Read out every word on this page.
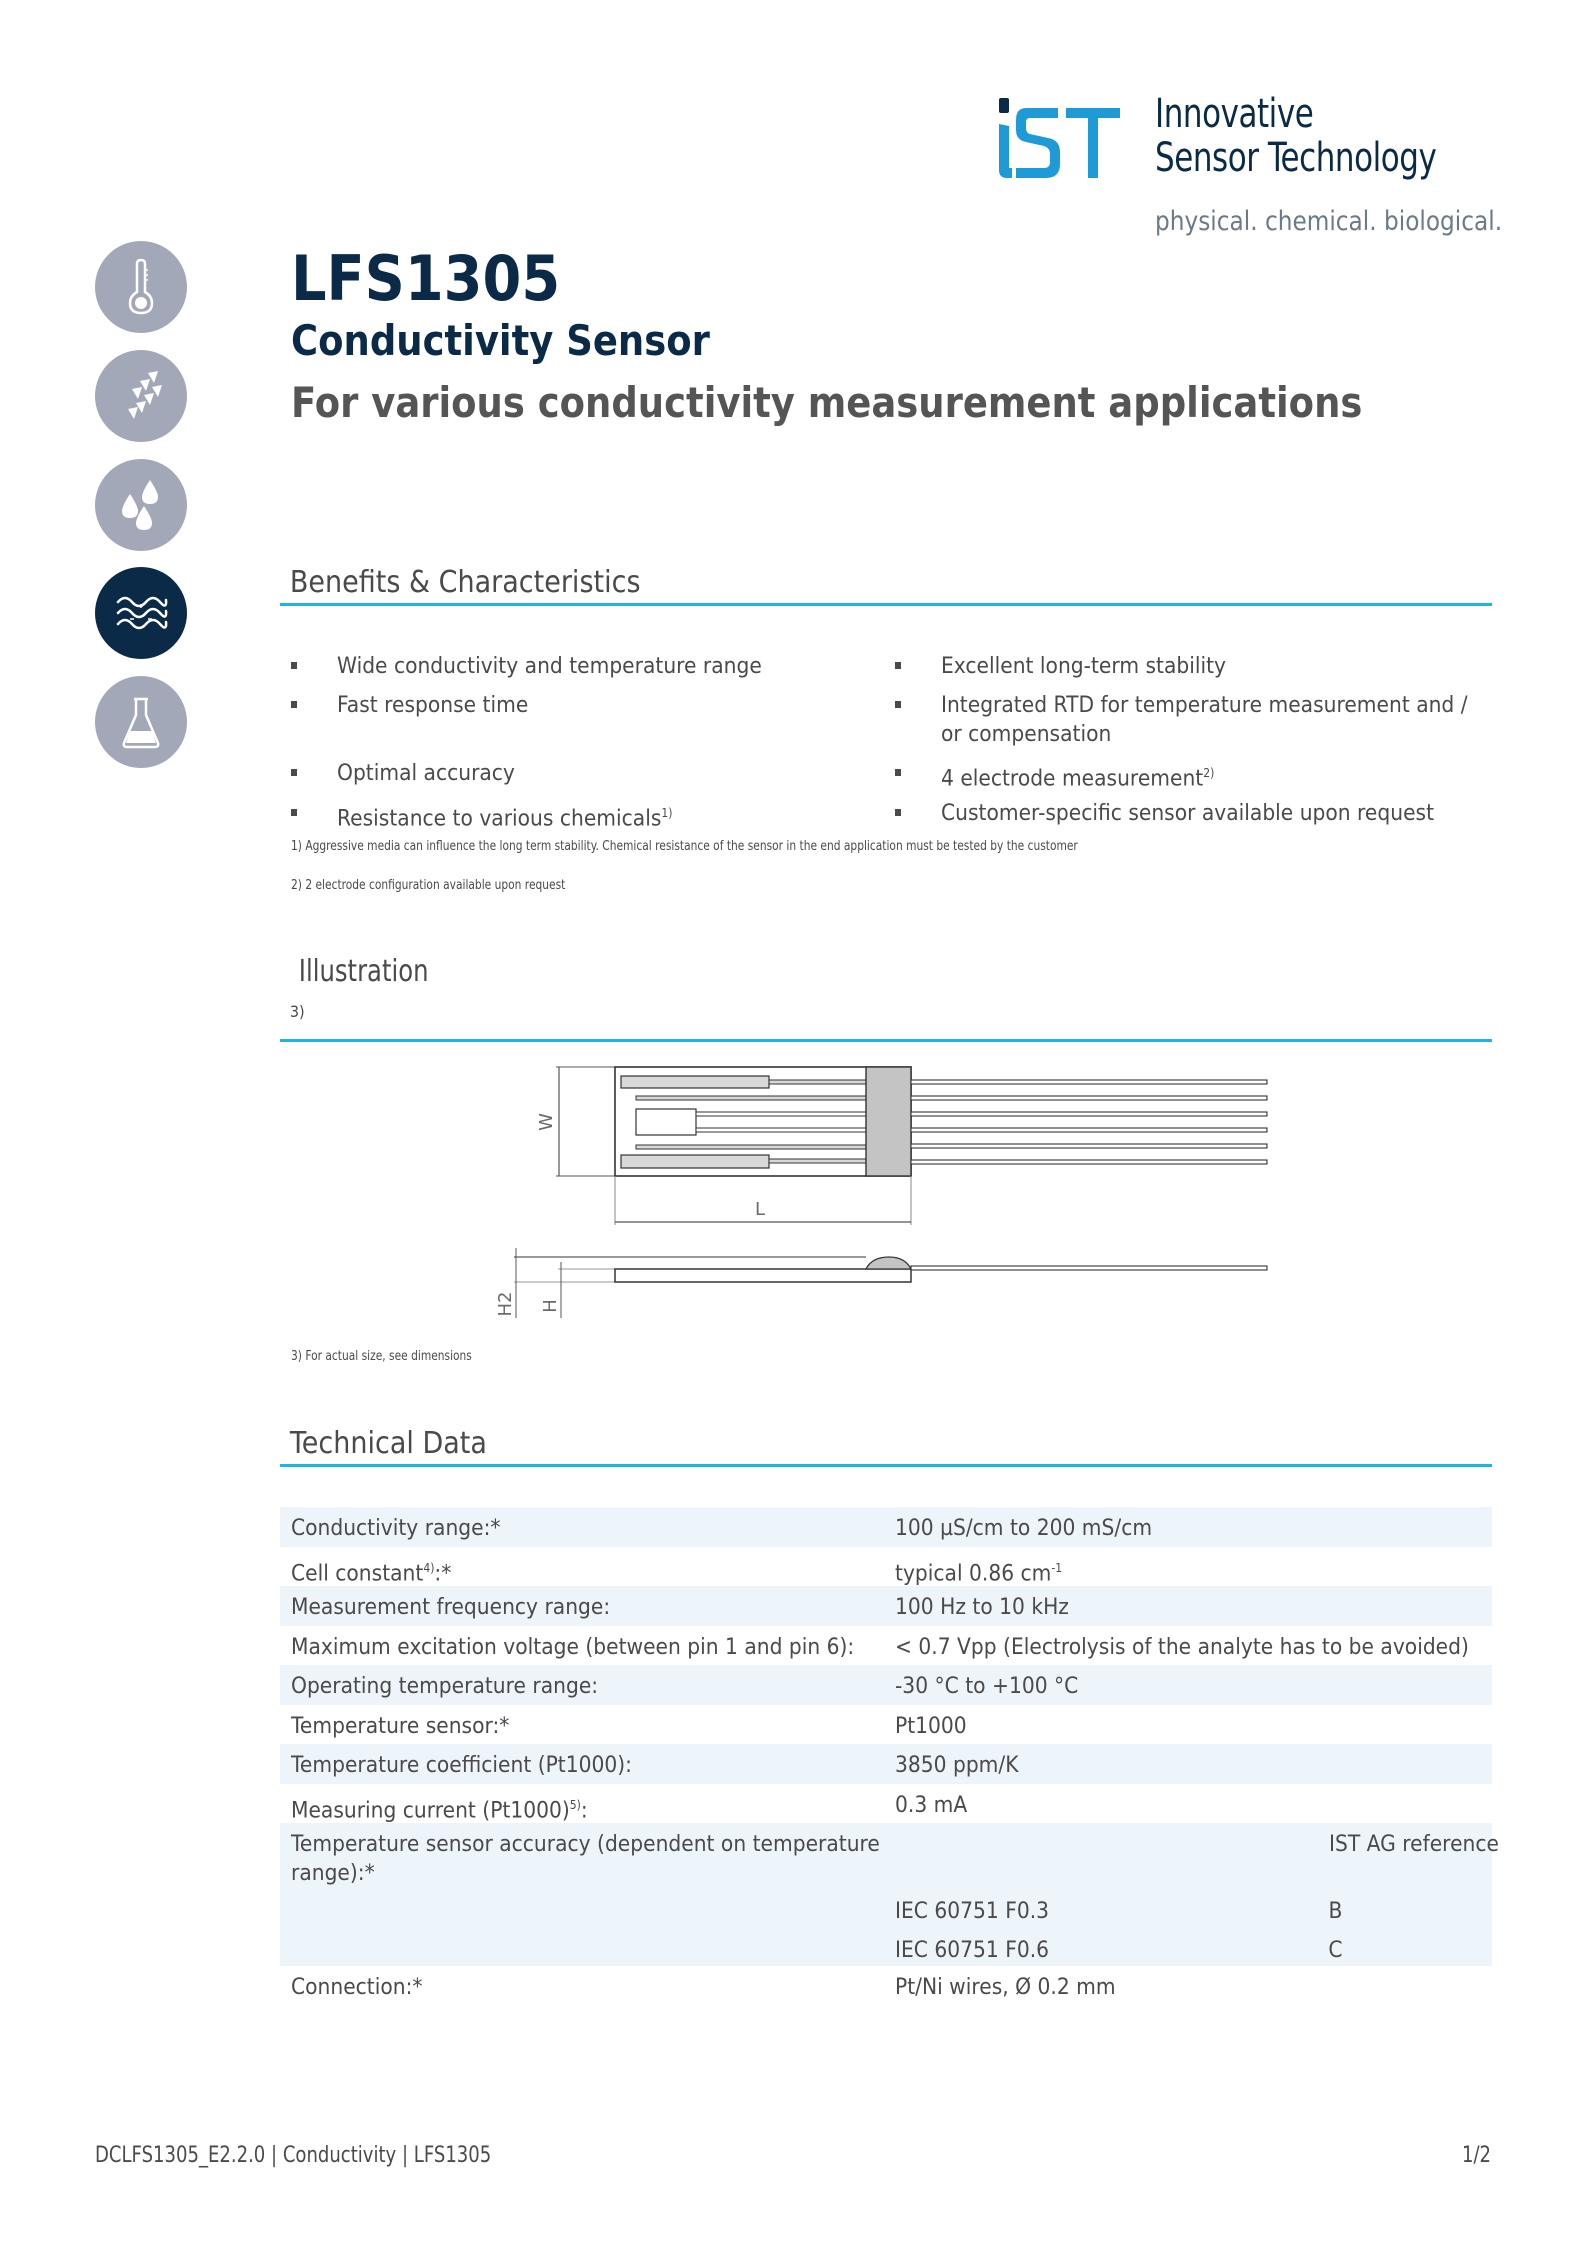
Innovative
Sensor Technology
physical. chemical. biological.
LFS1305
Conductivity Sensor
For various conductivity measurement applications
Benefits & Characteristics
Wide conductivity and temperature range
Fast response time
Optimal accuracy
Resistance to various chemicals$^{1)}$
Excellent long-term stability
Integrated RTD for temperature measurement and /
or compensation
4 electrode measurement$^{2)}$
Customer-specific sensor available upon request
1) Aggressive media can influence the long term stability. Chemical resistance of the sensor in the end application must be tested by the customer
2) 2 electrode configuration available upon request
Illustration
$^{3)}$
W
L
H2 H
3) For actual size, see dimensions
Technical Data
Conductivity range:*	100 µS/cm to 200 mS/cm
Cell constant$^{4)}$:*	typical 0.86 $cm^{-1}$
Measurement frequency range:	100 Hz to 10 kHz
Maximum excitation voltage (between pin 1 and pin 6): < 0.7 Vpp (Electrolysis of the analyte has to be avoided)
Operating temperature range:	-30 °C to +100 °C
Temperature sensor:*	Pt1000
Temperature coefficient (Pt1000):	3850 ppm/K
Measuring current $(Pt1000)^{5)}$:	0.3 mA
Temperature sensor accuracy (dependent on temperature
range):*
IST AG reference
IEC 60751 F0.3	B
IEC 60751 F0.6	C
Connection:*	Pt/Ni wires, Ø 0.2 mm
DCLFS1305_E2.2.0 | Conductivity | LFS1305	1/2
